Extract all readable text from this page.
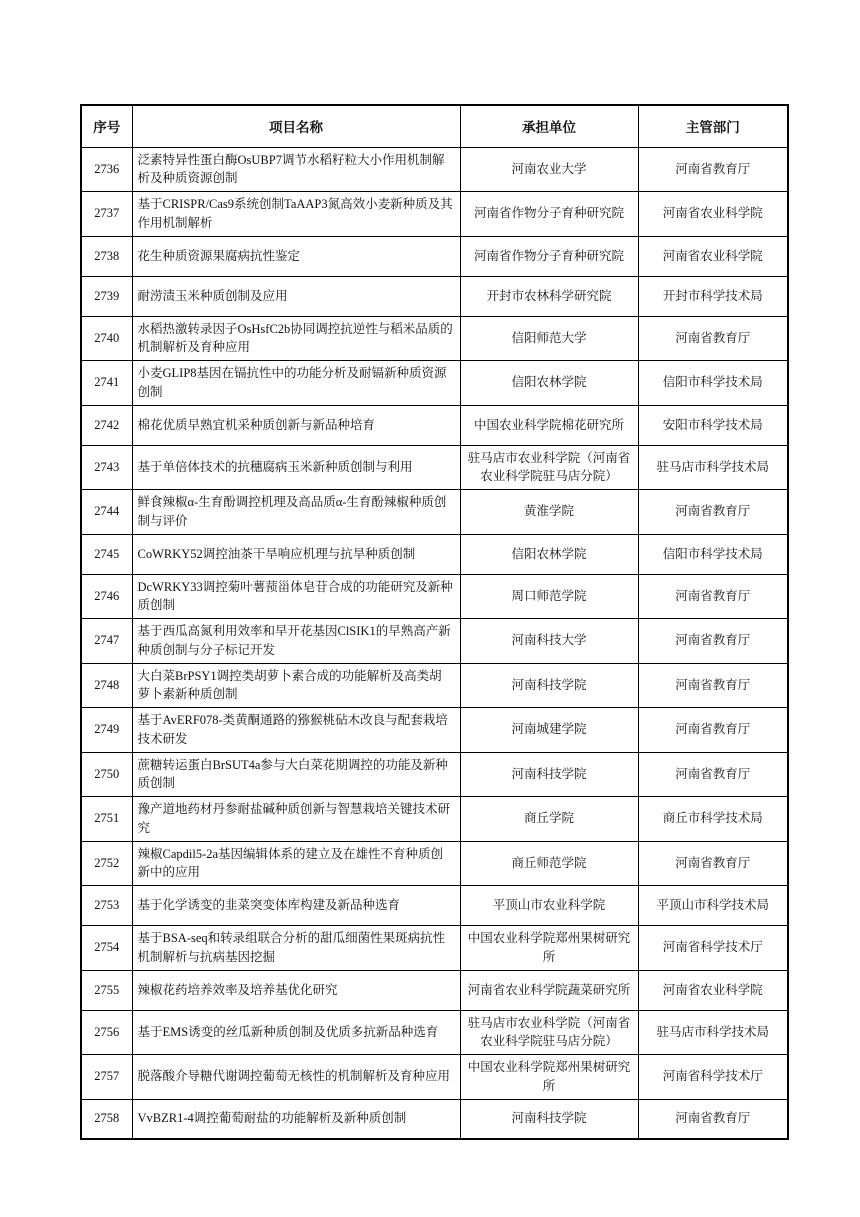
序号	项目名称	承担单位	主管部门
2736	泛素特异性蛋白酶OsUBP7调节水稻籽粒大小作用机制解析及种质资源创制	河南农业大学	河南省教育厅
2737	基于CRISPR/Cas9系统创制TaAAP3氮高效小麦新种质及其作用机制解析	河南省作物分子育种研究院	河南省农业科学院
2738	花生种质资源果腐病抗性鉴定	河南省作物分子育种研究院	河南省农业科学院
2739	耐涝渍玉米种质创制及应用	开封市农林科学研究院	开封市科学技术局
2740	水稻热激转录因子OsHsfC2b协同调控抗逆性与稻米品质的机制解析及育种应用	信阳师范大学	河南省教育厅
2741	小麦GLIP8基因在镉抗性中的功能分析及耐镉新种质资源创制	信阳农林学院	信阳市科学技术局
2742	棉花优质早熟宜机采种质创新与新品种培育	中国农业科学院棉花研究所	安阳市科学技术局
2743	基于单倍体技术的抗穗腐病玉米新种质创制与利用	驻马店市农业科学院（河南省农业科学院驻马店分院）	驻马店市科学技术局
2744	鲜食辣椒α-生育酚调控机理及高品质α-生育酚辣椒种质创制与评价	黄淮学院	河南省教育厅
2745	CoWRKY52调控油茶干旱响应机理与抗旱种质创制	信阳农林学院	信阳市科学技术局
2746	DcWRKY33调控菊叶薯蓣甾体皂苷合成的功能研究及新种质创制	周口师范学院	河南省教育厅
2747	基于西瓜高氮利用效率和早开花基因ClSIK1的早熟高产新种质创制与分子标记开发	河南科技大学	河南省教育厅
2748	大白菜BrPSY1调控类胡萝卜素合成的功能解析及高类胡萝卜素新种质创制	河南科技学院	河南省教育厅
2749	基于AvERF078-类黄酮通路的猕猴桃砧木改良与配套栽培技术研发	河南城建学院	河南省教育厅
2750	蔗糖转运蛋白BrSUT4a参与大白菜花期调控的功能及新种质创制	河南科技学院	河南省教育厅
2751	豫产道地药材丹参耐盐碱种质创新与智慧栽培关键技术研究	商丘学院	商丘市科学技术局
2752	辣椒Capdil5-2a基因编辑体系的建立及在雄性不育种质创新中的应用	商丘师范学院	河南省教育厅
2753	基于化学诱变的韭菜突变体库构建及新品种选育	平顶山市农业科学院	平顶山市科学技术局
2754	基于BSA-seq和转录组联合分析的甜瓜细菌性果斑病抗性机制解析与抗病基因挖掘	中国农业科学院郑州果树研究所	河南省科学技术厅
2755	辣椒花药培养效率及培养基优化研究	河南省农业科学院蔬菜研究所	河南省农业科学院
2756	基于EMS诱变的丝瓜新种质创制及优质多抗新品种选育	驻马店市农业科学院（河南省农业科学院驻马店分院）	驻马店市科学技术局
2757	脱落酸介导糖代谢调控葡萄无核性的机制解析及育种应用	中国农业科学院郑州果树研究所	河南省科学技术厅
2758	VvBZR1-4调控葡萄耐盐的功能解析及新种质创制	河南科技学院	河南省教育厅
